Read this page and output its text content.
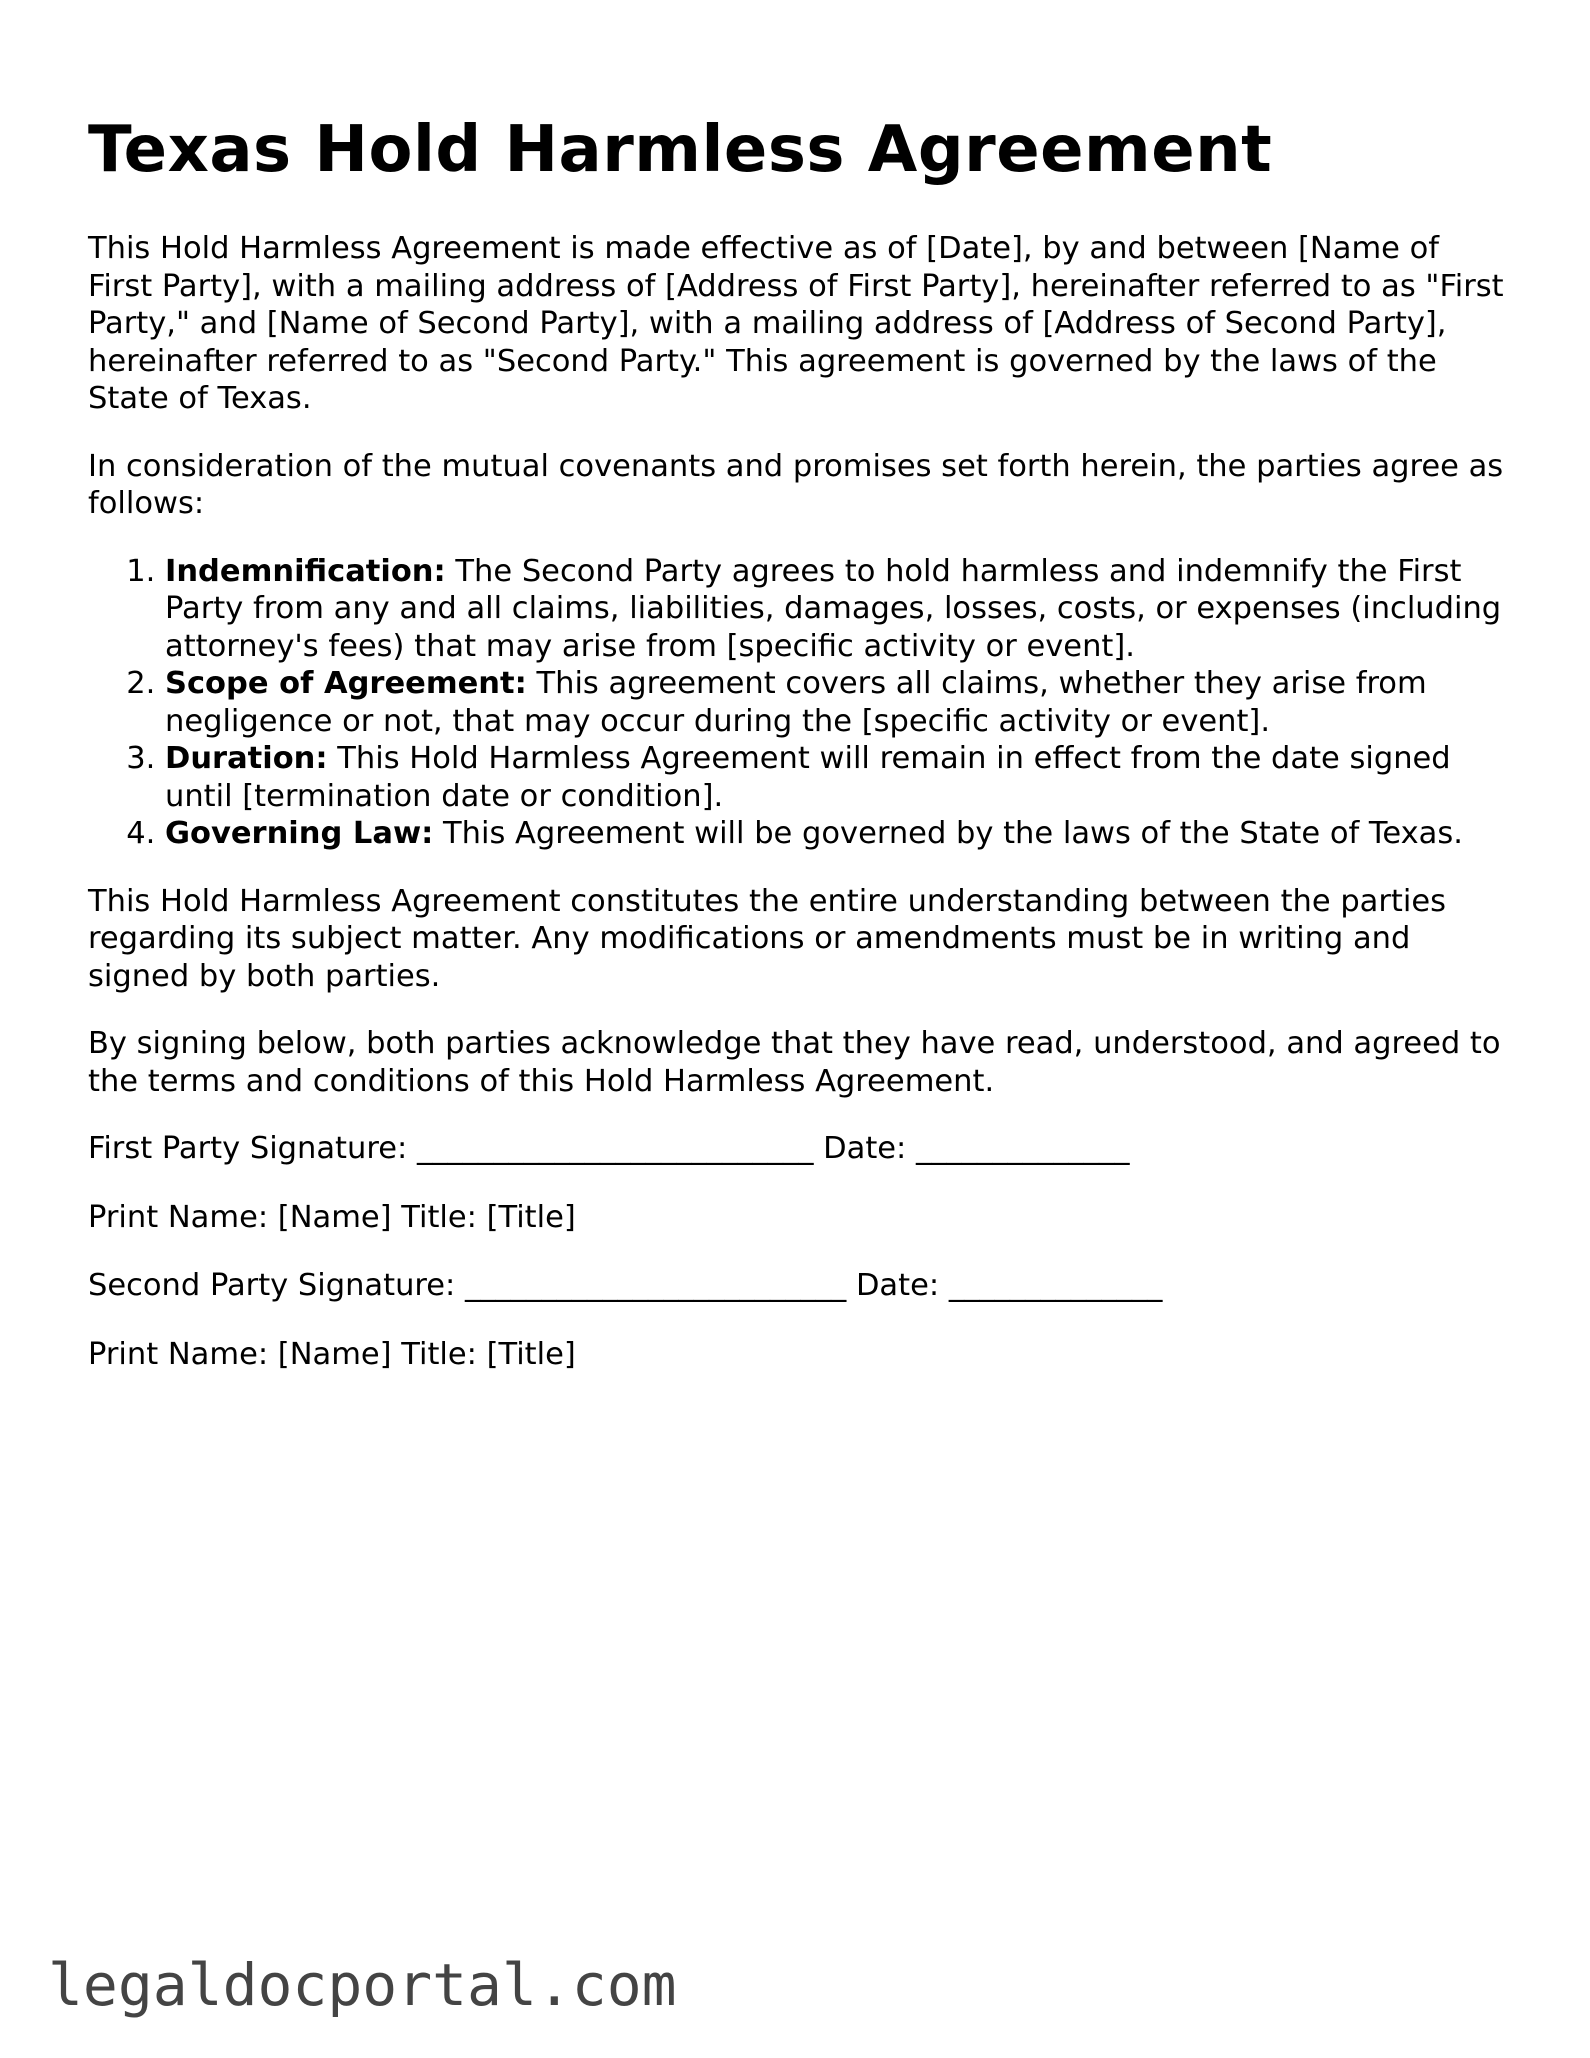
Texas Hold Harmless Agreement

This Hold Harmless Agreement is made effective as of [Date], by and between [Name of First Party], with a mailing address of [Address of First Party], hereinafter referred to as "First Party," and [Name of Second Party], with a mailing address of [Address of Second Party], hereinafter referred to as "Second Party." This agreement is governed by the laws of the State of Texas.

In consideration of the mutual covenants and promises set forth herein, the parties agree as follows:

1. Indemnification: The Second Party agrees to hold harmless and indemnify the First Party from any and all claims, liabilities, damages, losses, costs, or expenses (including attorney's fees) that may arise from [specific activity or event].
2. Scope of Agreement: This agreement covers all claims, whether they arise from negligence or not, that may occur during the [specific activity or event].
3. Duration: This Hold Harmless Agreement will remain in effect from the date signed until [termination date or condition].
4. Governing Law: This Agreement will be governed by the laws of the State of Texas.

This Hold Harmless Agreement constitutes the entire understanding between the parties regarding its subject matter. Any modifications or amendments must be in writing and signed by both parties.

By signing below, both parties acknowledge that they have read, understood, and agreed to the terms and conditions of this Hold Harmless Agreement.

First Party Signature: __________________________ Date: ______________
Print Name: [Name] Title: [Title]
Second Party Signature: _________________________ Date: ______________
Print Name: [Name] Title: [Title]
legaldocportal.com
